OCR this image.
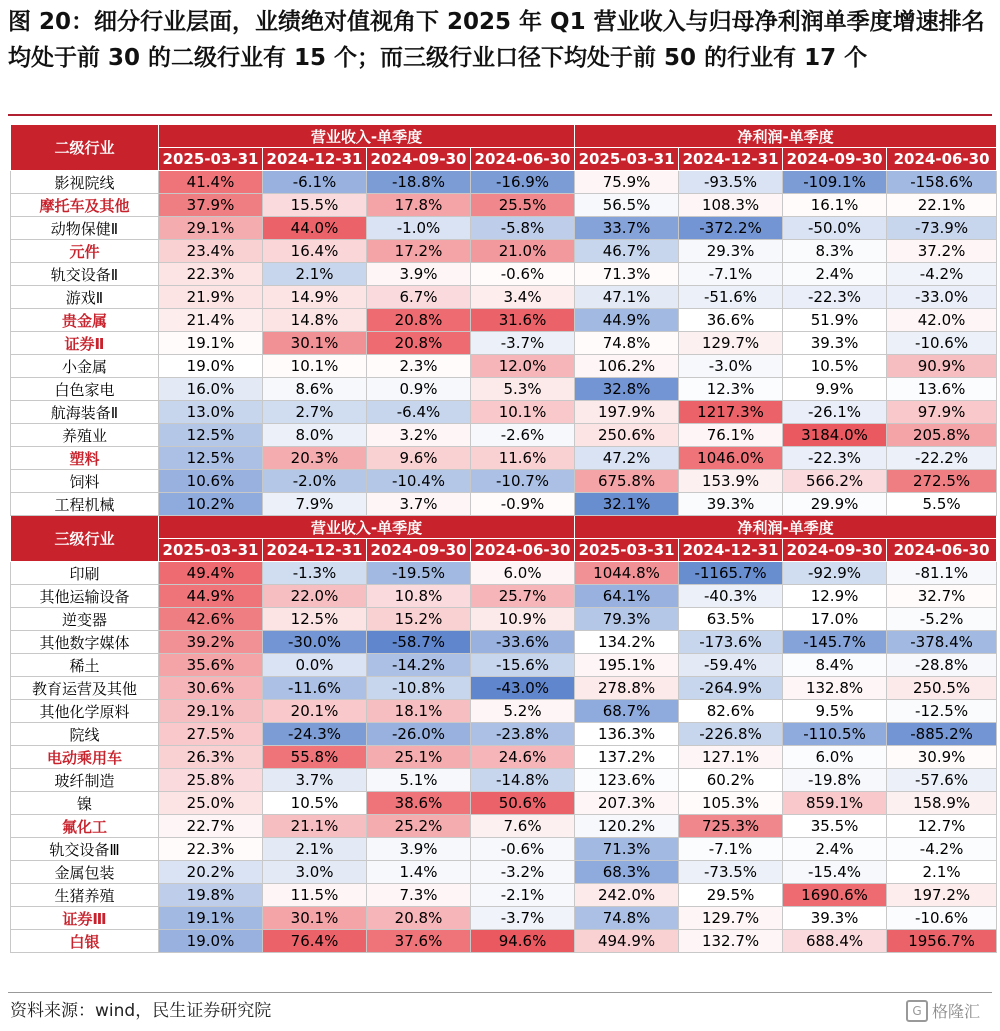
图 20：细分行业层面，业绩绝对值视角下 2025 年 Q1 营业收入与归母净利润单季度增速排名均处于前 30 的二级行业有 15 个；而三级行业口径下均处于前 50 的行业有 17 个
二级行业	营业收入-单季度				净利润-单季度			
	2025-03-31	2024-12-31	2024-09-30	2024-06-30	2025-03-31	2024-12-31	2024-09-30	2024-06-30
影视院线	41.4%	-6.1%	-18.8%	-16.9%	75.9%	-93.5%	-109.1%	-158.6%
摩托车及其他	37.9%	15.5%	17.8%	25.5%	56.5%	108.3%	16.1%	22.1%
动物保健Ⅱ	29.1%	44.0%	-1.0%	-5.8%	33.7%	-372.2%	-50.0%	-73.9%
元件	23.4%	16.4%	17.2%	21.0%	46.7%	29.3%	8.3%	37.2%
轨交设备Ⅱ	22.3%	2.1%	3.9%	-0.6%	71.3%	-7.1%	2.4%	-4.2%
游戏Ⅱ	21.9%	14.9%	6.7%	3.4%	47.1%	-51.6%	-22.3%	-33.0%
贵金属	21.4%	14.8%	20.8%	31.6%	44.9%	36.6%	51.9%	42.0%
证券Ⅱ	19.1%	30.1%	20.8%	-3.7%	74.8%	129.7%	39.3%	-10.6%
小金属	19.0%	10.1%	2.3%	12.0%	106.2%	-3.0%	10.5%	90.9%
白色家电	16.0%	8.6%	0.9%	5.3%	32.8%	12.3%	9.9%	13.6%
航海装备Ⅱ	13.0%	2.7%	-6.4%	10.1%	197.9%	1217.3%	-26.1%	97.9%
养殖业	12.5%	8.0%	3.2%	-2.6%	250.6%	76.1%	3184.0%	205.8%
塑料	12.5%	20.3%	9.6%	11.6%	47.2%	1046.0%	-22.3%	-22.2%
饲料	10.6%	-2.0%	-10.4%	-10.7%	675.8%	153.9%	566.2%	272.5%
工程机械	10.2%	7.9%	3.7%	-0.9%	32.1%	39.3%	29.9%	5.5%
三级行业	营业收入-单季度				净利润-单季度			
	2025-03-31	2024-12-31	2024-09-30	2024-06-30	2025-03-31	2024-12-31	2024-09-30	2024-06-30
印刷	49.4%	-1.3%	-19.5%	6.0%	1044.8%	-1165.7%	-92.9%	-81.1%
其他运输设备	44.9%	22.0%	10.8%	25.7%	64.1%	-40.3%	12.9%	32.7%
逆变器	42.6%	12.5%	15.2%	10.9%	79.3%	63.5%	17.0%	-5.2%
其他数字媒体	39.2%	-30.0%	-58.7%	-33.6%	134.2%	-173.6%	-145.7%	-378.4%
稀土	35.6%	0.0%	-14.2%	-15.6%	195.1%	-59.4%	8.4%	-28.8%
教育运营及其他	30.6%	-11.6%	-10.8%	-43.0%	278.8%	-264.9%	132.8%	250.5%
其他化学原料	29.1%	20.1%	18.1%	5.2%	68.7%	82.6%	9.5%	-12.5%
院线	27.5%	-24.3%	-26.0%	-23.8%	136.3%	-226.8%	-110.5%	-885.2%
电动乘用车	26.3%	55.8%	25.1%	24.6%	137.2%	127.1%	6.0%	30.9%
玻纤制造	25.8%	3.7%	5.1%	-14.8%	123.6%	60.2%	-19.8%	-57.6%
镍	25.0%	10.5%	38.6%	50.6%	207.3%	105.3%	859.1%	158.9%
氟化工	22.7%	21.1%	25.2%	7.6%	120.2%	725.3%	35.5%	12.7%
轨交设备Ⅲ	22.3%	2.1%	3.9%	-0.6%	71.3%	-7.1%	2.4%	-4.2%
金属包装	20.2%	3.0%	1.4%	-3.2%	68.3%	-73.5%	-15.4%	2.1%
生猪养殖	19.8%	11.5%	7.3%	-2.1%	242.0%	29.5%	1690.6%	197.2%
证券Ⅲ	19.1%	30.1%	20.8%	-3.7%	74.8%	129.7%	39.3%	-10.6%
白银	19.0%	76.4%	37.6%	94.6%	494.9%	132.7%	688.4%	1956.7%
资料来源：wind，民生证券研究院	G 格隆汇
